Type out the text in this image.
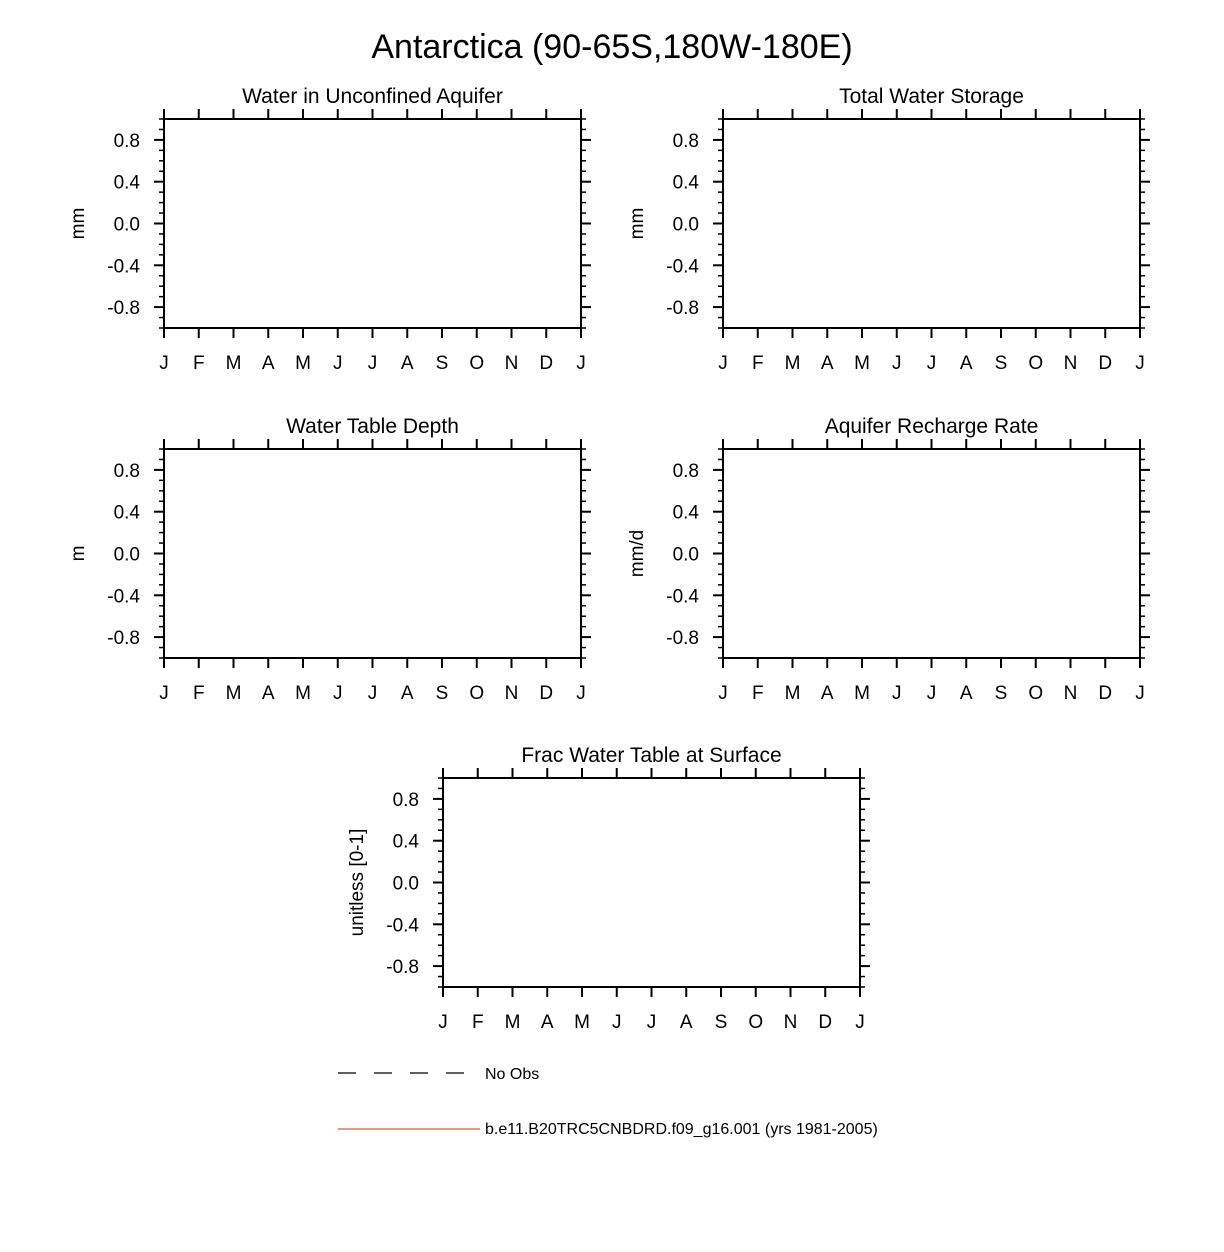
Antarctica (90-65S,180W-180E)
Water in Unconfined Aquifer
mm
J F M A M J J A S O N D J
0.8
0.4
0.0
-0.4
-0.8
Total Water Storage
mm
J F M A M J J A S O N D J
0.8
0.4
0.0
-0.4
-0.8
Water Table Depth
m
J F M A M J J A S O N D J
0.8
0.4
0.0
-0.4
-0.8
Aquifer Recharge Rate
mm/d
J F M A M J J A S O N D J
0.8
0.4
0.0
-0.4
-0.8
Frac Water Table at Surface
unitless [0-1]
J F M A M J J A S O N D J
0.8
0.4
0.0
-0.4
-0.8
No Obs
b.e11.B20TRC5CNBDRD.f09_g16.001 (yrs 1981-2005)
